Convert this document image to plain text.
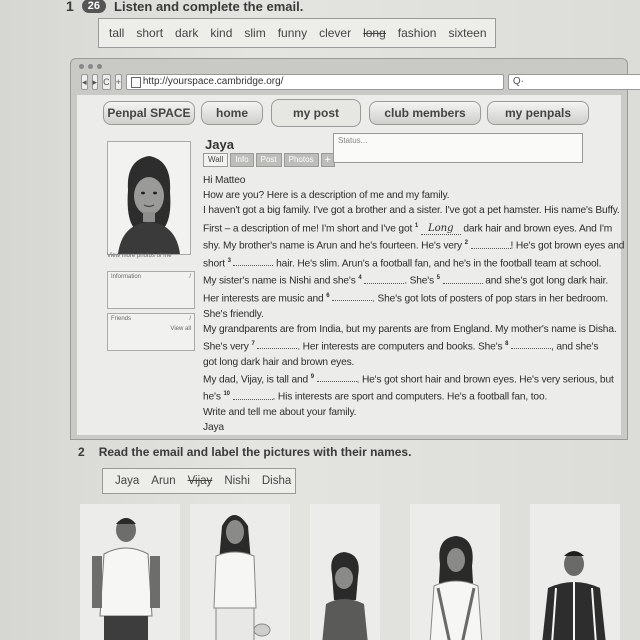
1	26	Listen and complete the email.
tall short dark kind slim funny clever long fashion sixteen
◂ ▸ C +	http://yourspace.cambridge.org/	Q·
Penpal SPACE	home	my post	club members	my penpals
View more photos of me
Information	/
Friends	/
View all
Jaya
Wall	Info	Post	Photos	+
Status...

Hi Matteo

How are you? Here is a description of me and my family.

I haven't got a big family. I've got a brother and a sister. I've got a pet hamster. His name's Buffy.

First – a description of me! I'm short and I've got $^1$ Long dark hair and brown eyes. And I'm

shy. My brother's name is Arun and he's fourteen. He's very $^2$	! He's got brown eyes and

short $^3$	hair. He's slim. Arun's a football fan, and he's in the football team at school.

My sister's name is Nishi and she's $^4$	. She's $^5$	and she's got long dark hair.

Her interests are music and $^6$	. She's got lots of posters of pop stars in her bedroom.

She's friendly.

My grandparents are from India, but my parents are from England. My mother's name is Disha.

She's very $^7$	. Her interests are computers and books. She's $^8$	, and she's

got long dark hair and brown eyes.

My dad, Vijay, is tall and $^9$	. He's got short hair and brown eyes. He's very serious, but

he's $^{10}$	. His interests are sport and computers. He's a football fan, too.

Write and tell me about your family.

Jaya

2 Read the email and label the pictures with their names.
Jaya Arun Vijay Nishi Disha
